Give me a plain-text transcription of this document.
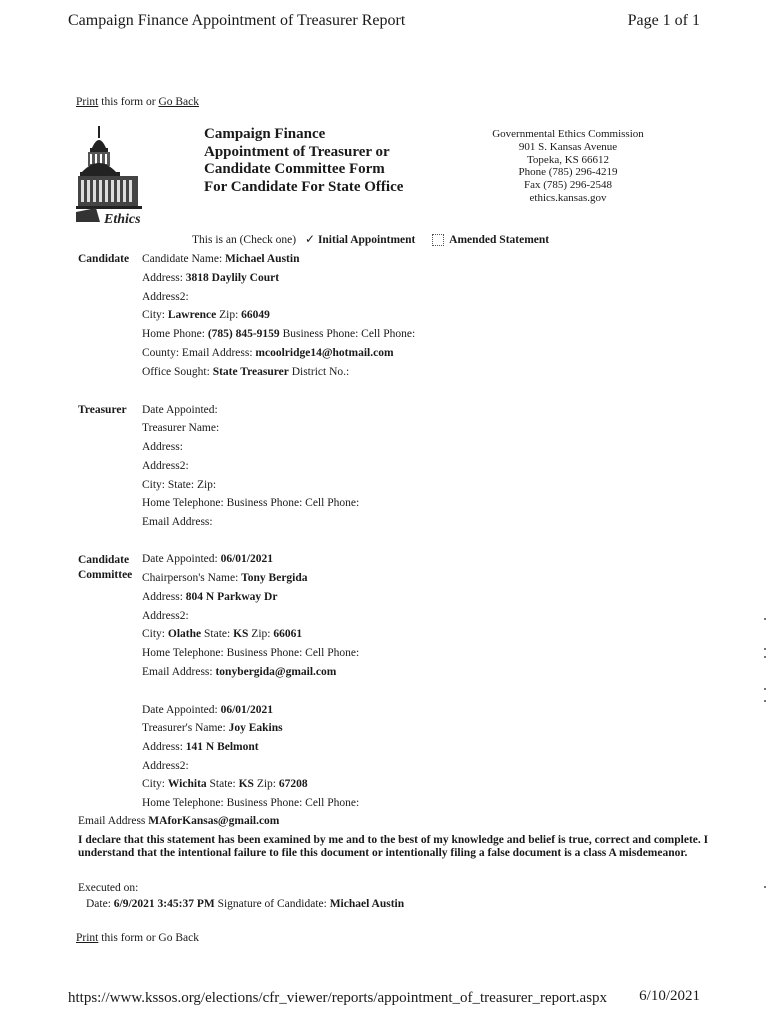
Campaign Finance Appointment of Treasurer Report	Page 1 of 1
Print this form or Go Back
Ethics
Campaign Finance
Appointment of Treasurer or
Candidate Committee Form
For Candidate For State Office
Governmental Ethics Commission
901 S. Kansas Avenue
Topeka, KS 66612
Phone (785) 296-4219
Fax (785) 296-2548
ethics.kansas.gov
This is an (Check one) ✓ Initial Appointment	Amended Statement
Candidate Candidate Name: Michael Austin
Address: 3818 Daylily Court
Address2:
City: Lawrence Zip: 66049
Home Phone: (785) 845-9159 Business Phone: Cell Phone:
County: Email Address: mcoolridge14@hotmail.com
Office Sought: State Treasurer District No.:
Treasurer Date Appointed:
Treasurer Name:
Address:
Address2:
City: State: Zip:
Home Telephone: Business Phone: Cell Phone:
Email Address:
Candidate
Committee
Date Appointed: 06/01/2021
Chairperson's Name: Tony Bergida
Address: 804 N Parkway Dr
Address2:
City: Olathe State: KS Zip: 66061
Home Telephone: Business Phone: Cell Phone:
Email Address: tonybergida@gmail.com
Date Appointed: 06/01/2021
Treasurer's Name: Joy Eakins
Address: 141 N Belmont
Address2:
City: Wichita State: KS Zip: 67208
Home Telephone: Business Phone: Cell Phone:
Email Address MAforKansas@gmail.com
I declare that this statement has been examined by me and to the best of my knowledge and belief is true, correct and complete. I understand that the intentional failure to file this document or intentionally filing a false document is a class A misdemeanor.
Executed on:
Date: 6/9/2021 3:45:37 PM Signature of Candidate: Michael Austin
Print this form or Go Back
https://www.kssos.org/elections/cfr_viewer/reports/appointment_of_treasurer_report.aspx 6/10/2021
